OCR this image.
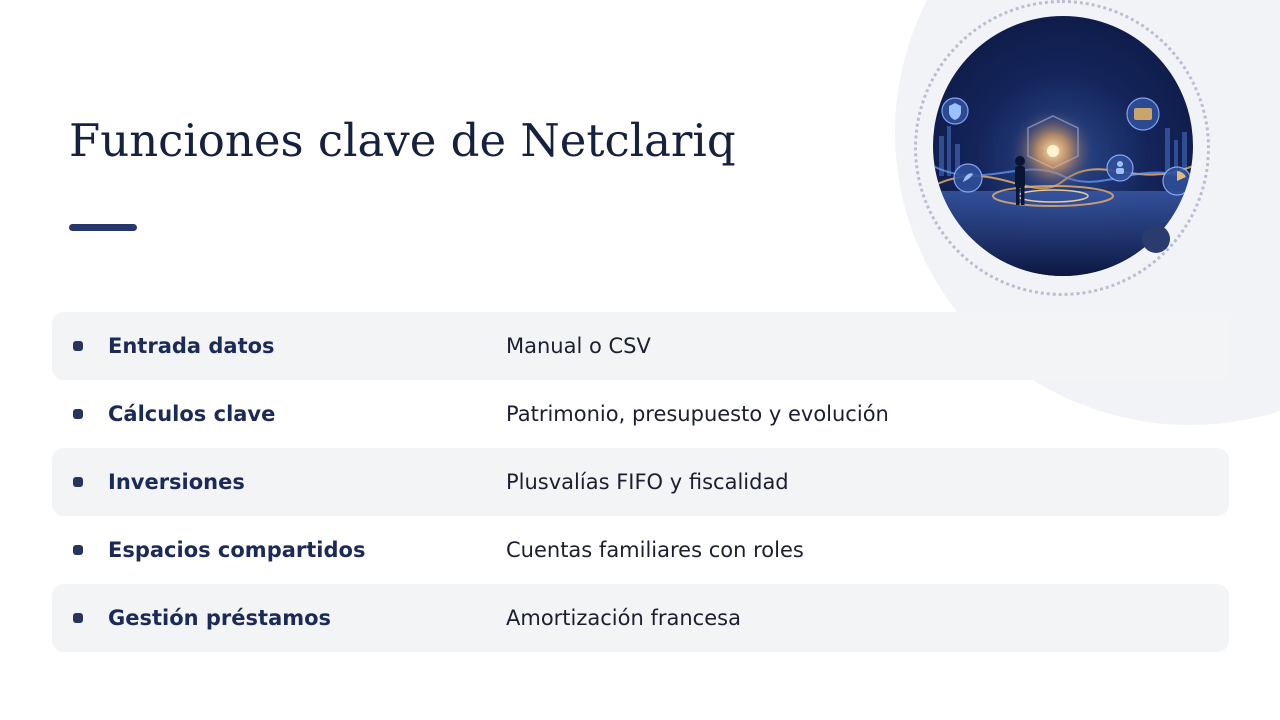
Funciones clave de Netclariq
Entrada datos	Manual o CSV
Cálculos clave	Patrimonio, presupuesto y evolución
Inversiones	Plusvalías FIFO y fiscalidad
Espacios compartidos	Cuentas familiares con roles
Gestión préstamos	Amortización francesa
